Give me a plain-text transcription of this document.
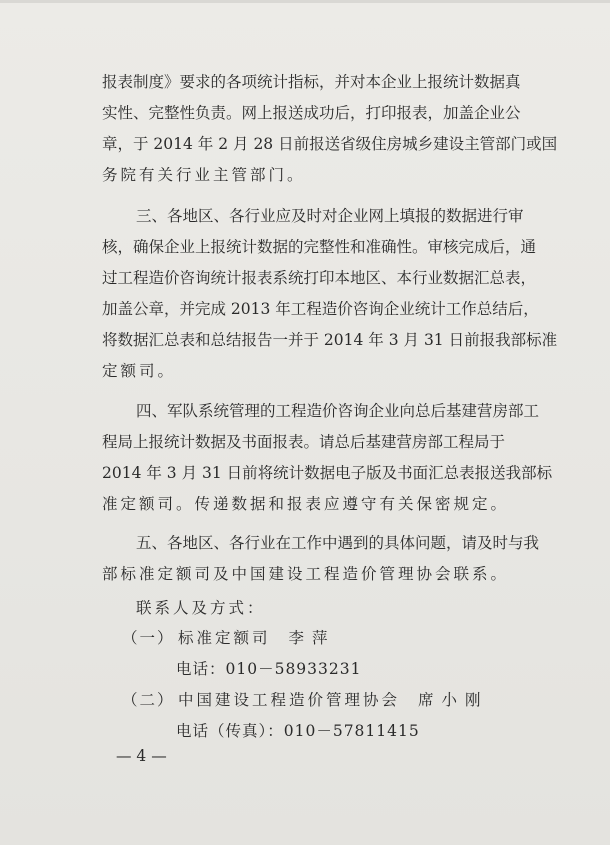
报表制度》要求的各项统计指标，并对本企业上报统计数据真
实性、完整性负责。网上报送成功后，打印报表，加盖企业公
章，于 2014 年 2 月 28 日前报送省级住房城乡建设主管部门或国
务院有关行业主管部门。
三、各地区、各行业应及时对企业网上填报的数据进行审
核，确保企业上报统计数据的完整性和准确性。审核完成后，通
过工程造价咨询统计报表系统打印本地区、本行业数据汇总表，
加盖公章，并完成 2013 年工程造价咨询企业统计工作总结后，
将数据汇总表和总结报告一并于 2014 年 3 月 31 日前报我部标准
定额司。
四、军队系统管理的工程造价咨询企业向总后基建营房部工
程局上报统计数据及书面报表。请总后基建营房部工程局于
2014 年 3 月 31 日前将统计数据电子版及书面汇总表报送我部标
准定额司。传递数据和报表应遵守有关保密规定。
五、各地区、各行业在工作中遇到的具体问题，请及时与我
部标准定额司及中国建设工程造价管理协会联系。
联系人及方式：
（一） 标准定额司 李萍
电话：010－58933231
（二） 中国建设工程造价管理协会 席小刚
电话（传真）：010－57811415
— 4 —
